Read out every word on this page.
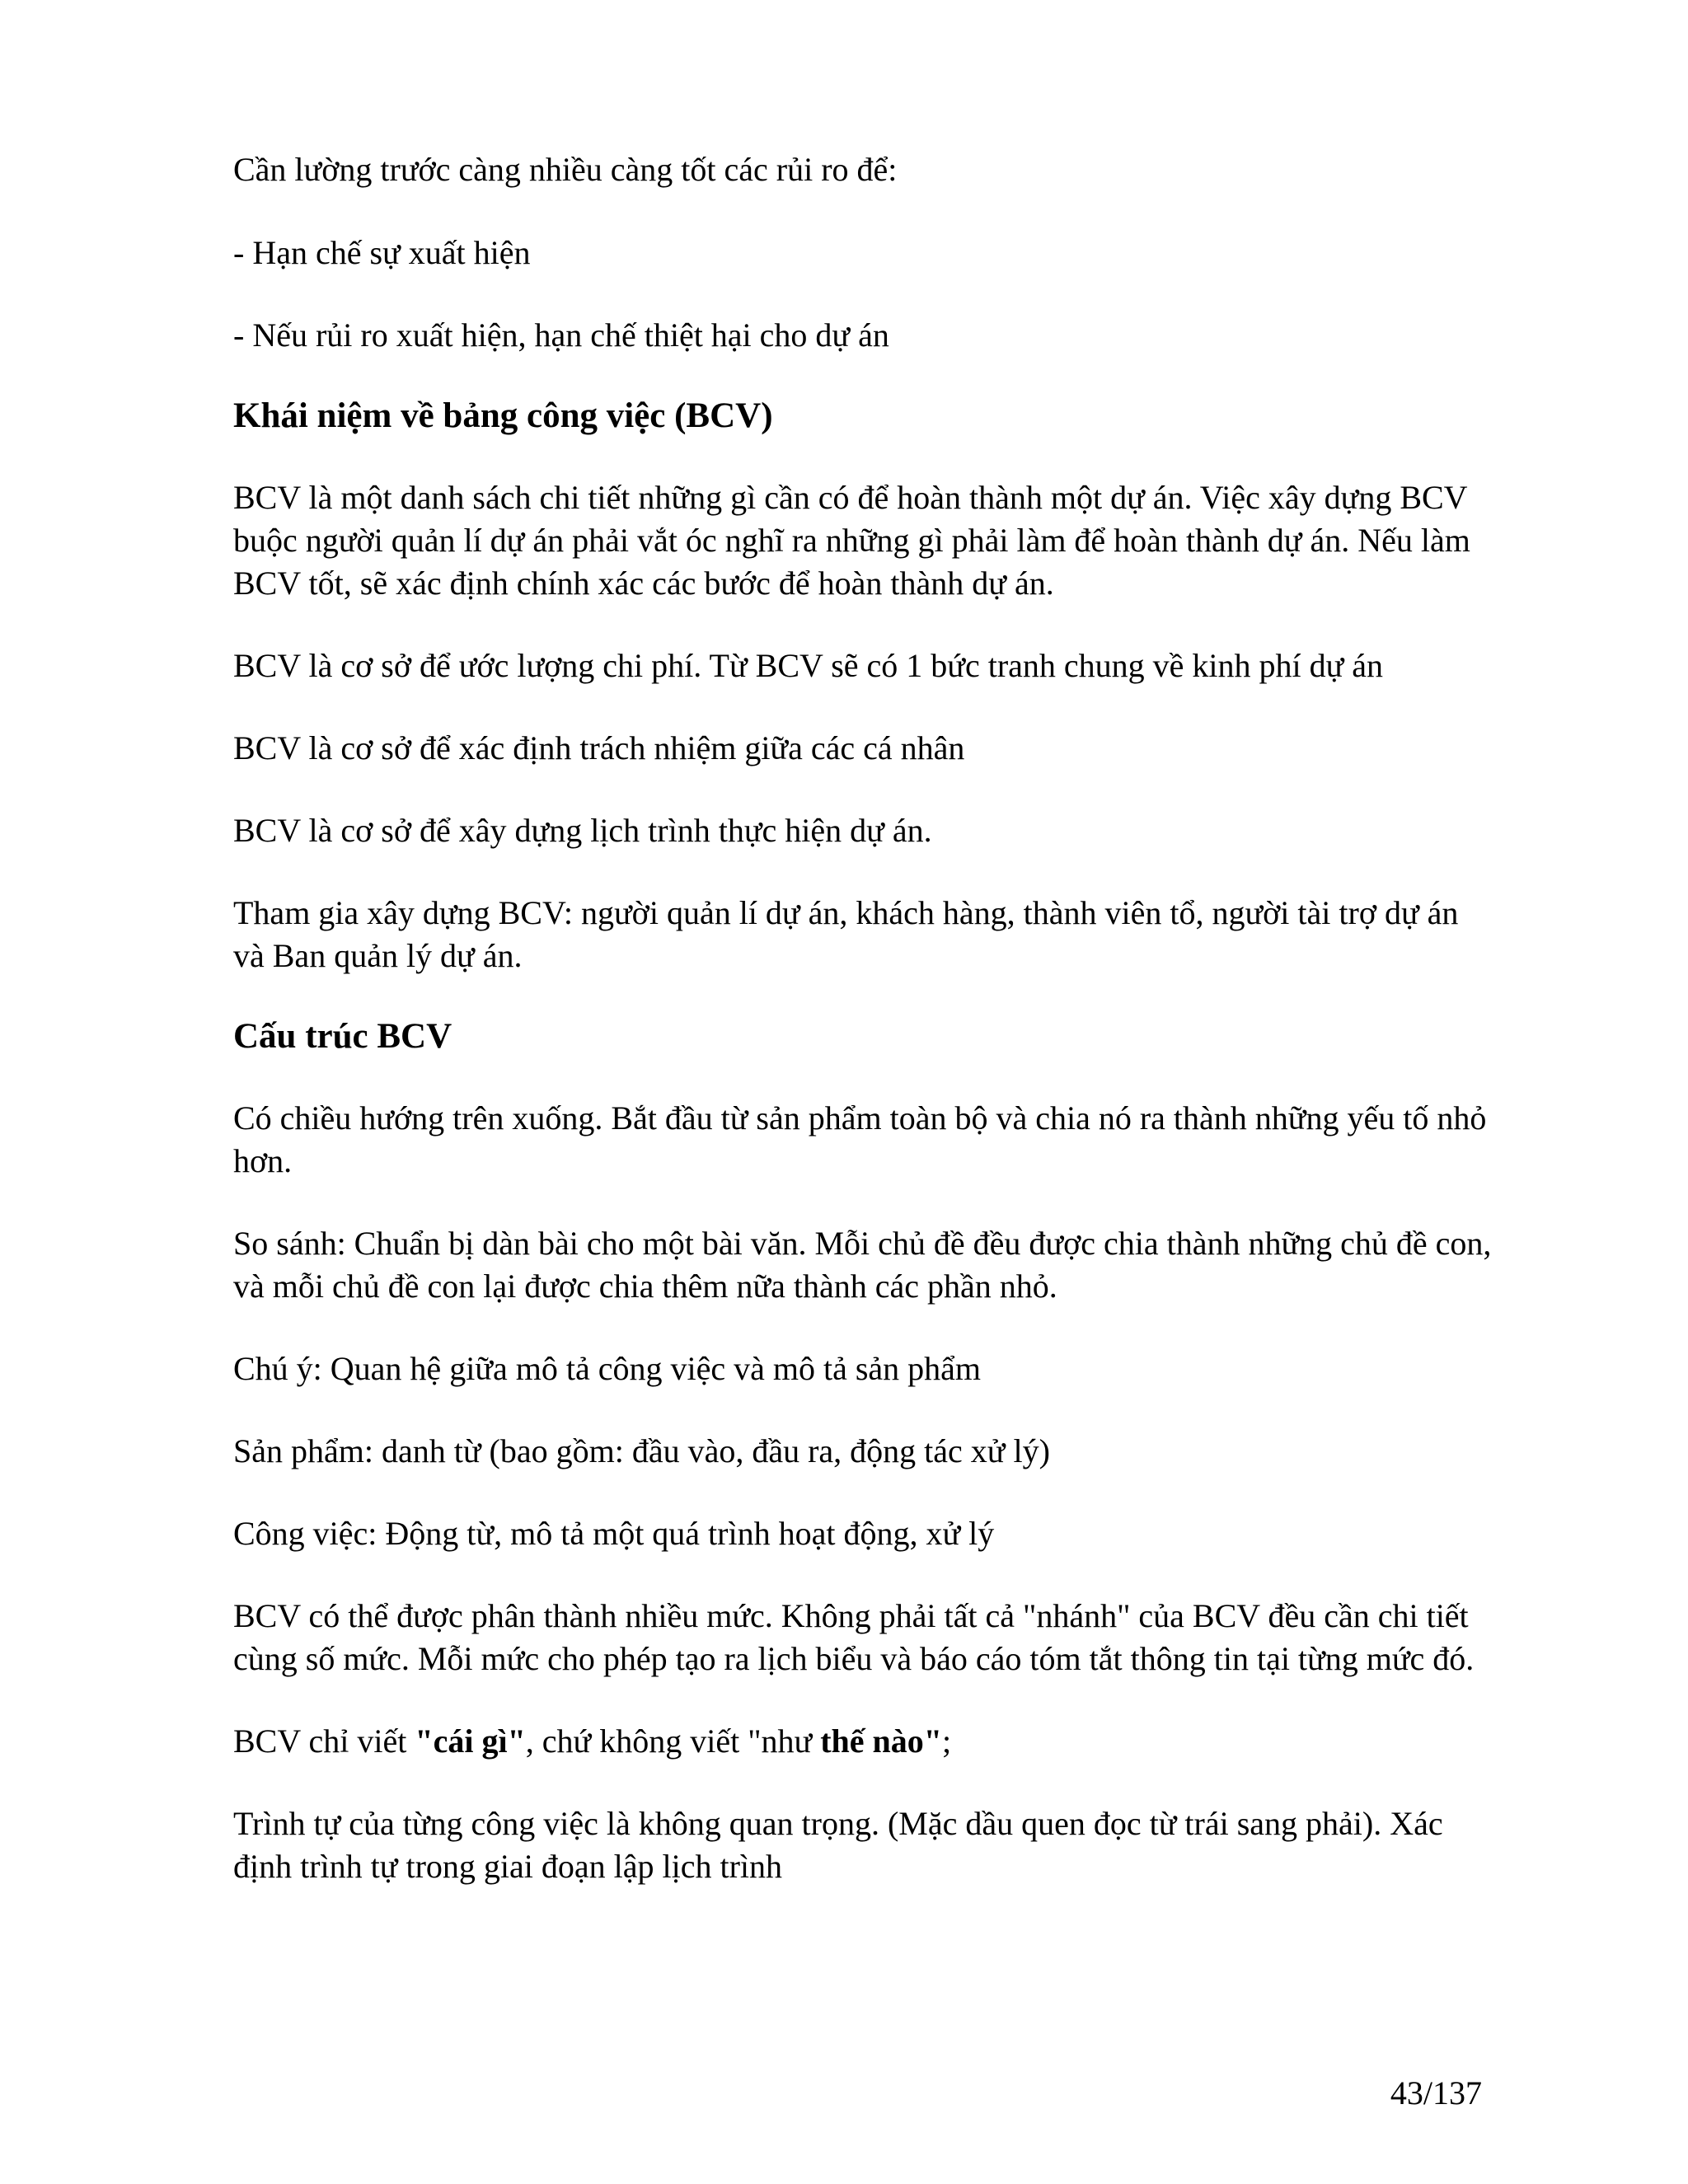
Cần lường trước càng nhiều càng tốt các rủi ro để:

- Hạn chế sự xuất hiện

- Nếu rủi ro xuất hiện, hạn chế thiệt hại cho dự án

Khái niệm về bảng công việc (BCV)

BCV là một danh sách chi tiết những gì cần có để hoàn thành một dự án. Việc xây dựng BCV buộc người quản lí dự án phải vắt óc nghĩ ra những gì phải làm để hoàn thành dự án. Nếu làm BCV tốt, sẽ xác định chính xác các bước để hoàn thành dự án.

BCV là cơ sở để ước lượng chi phí. Từ BCV sẽ có 1 bức tranh chung về kinh phí dự án

BCV là cơ sở để xác định trách nhiệm giữa các cá nhân

BCV là cơ sở để xây dựng lịch trình thực hiện dự án.

Tham gia xây dựng BCV: người quản lí dự án, khách hàng, thành viên tổ, người tài trợ dự án và Ban quản lý dự án.

Cấu trúc BCV

Có chiều hướng trên xuống. Bắt đầu từ sản phẩm toàn bộ và chia nó ra thành những yếu tố nhỏ hơn.

So sánh: Chuẩn bị dàn bài cho một bài văn. Mỗi chủ đề đều được chia thành những chủ đề con, và mỗi chủ đề con lại được chia thêm nữa thành các phần nhỏ.

Chú ý: Quan hệ giữa mô tả công việc và mô tả sản phẩm

Sản phẩm: danh từ (bao gồm: đầu vào, đầu ra, động tác xử lý)

Công việc: Động từ, mô tả một quá trình hoạt động, xử lý

BCV có thể được phân thành nhiều mức. Không phải tất cả "nhánh" của BCV đều cần chi tiết cùng số mức. Mỗi mức cho phép tạo ra lịch biểu và báo cáo tóm tắt thông tin tại từng mức đó.

BCV chỉ viết "cái gì", chứ không viết "như thế nào";

Trình tự của từng công việc là không quan trọng. (Mặc dầu quen đọc từ trái sang phải). Xác định trình tự trong giai đoạn lập lịch trình

43/137
